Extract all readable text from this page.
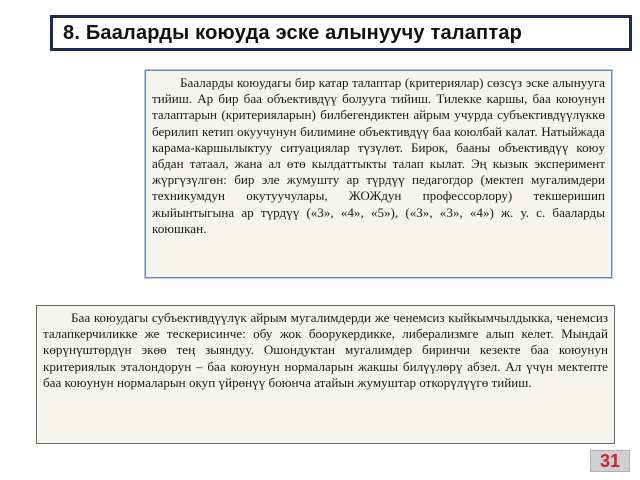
8. Бааларды коюуда эске алынуучу талаптар

Бааларды коюудагы бир катар талаптар (критериялар) сөзсүз эске алынууга тийиш. Ар бир баа объективдүү болууга тийиш. Тилекке каршы, баа коюунун талаптарын (критерияларын) билбегендиктен айрым учурда субъективдүүлүккө берилип кетип окуучунун билимине объективдүү баа коюлбай калат. Натыйжада карама-каршылыктуу ситуациялар түзүлөт. Бирок, бааны объективдүү коюу абдан татаал, жана ал өтө кылдаттыкты талап кылат. Эң кызык эксперимент жүргүзүлгөн: бир эле жумушту ар түрдүү педагогдор (мектеп мугалимдери техникумдун окутуучулары, ЖОЖдун профессорлору) текшеришип жыйынтыгына ар түрдүү («3», «4», «5»), («3», «3», «4») ж. у. с. бааларды коюшкан.

Баа коюудагы субъективдүүлүк айрым мугалимдерди же ченемсиз кыйкымчылдыкка, ченемсиз талапкерчиликке же тескерисинче: обу жок боорукердикке, либерализмге алып келет. Мындай көрүнүштөрдүн экөө тең зыяндуу. Ошондуктан мугалимдер биринчи кезекте баа коюунун критериялык эталондорун – баа коюунун нормаларын жакшы билүүлөрү абзел. Ал үчүн мектепте баа коюунун нормаларын окуп үйрөнүү боюнча атайын жумуштар откорүлүүгө тийиш.

31
